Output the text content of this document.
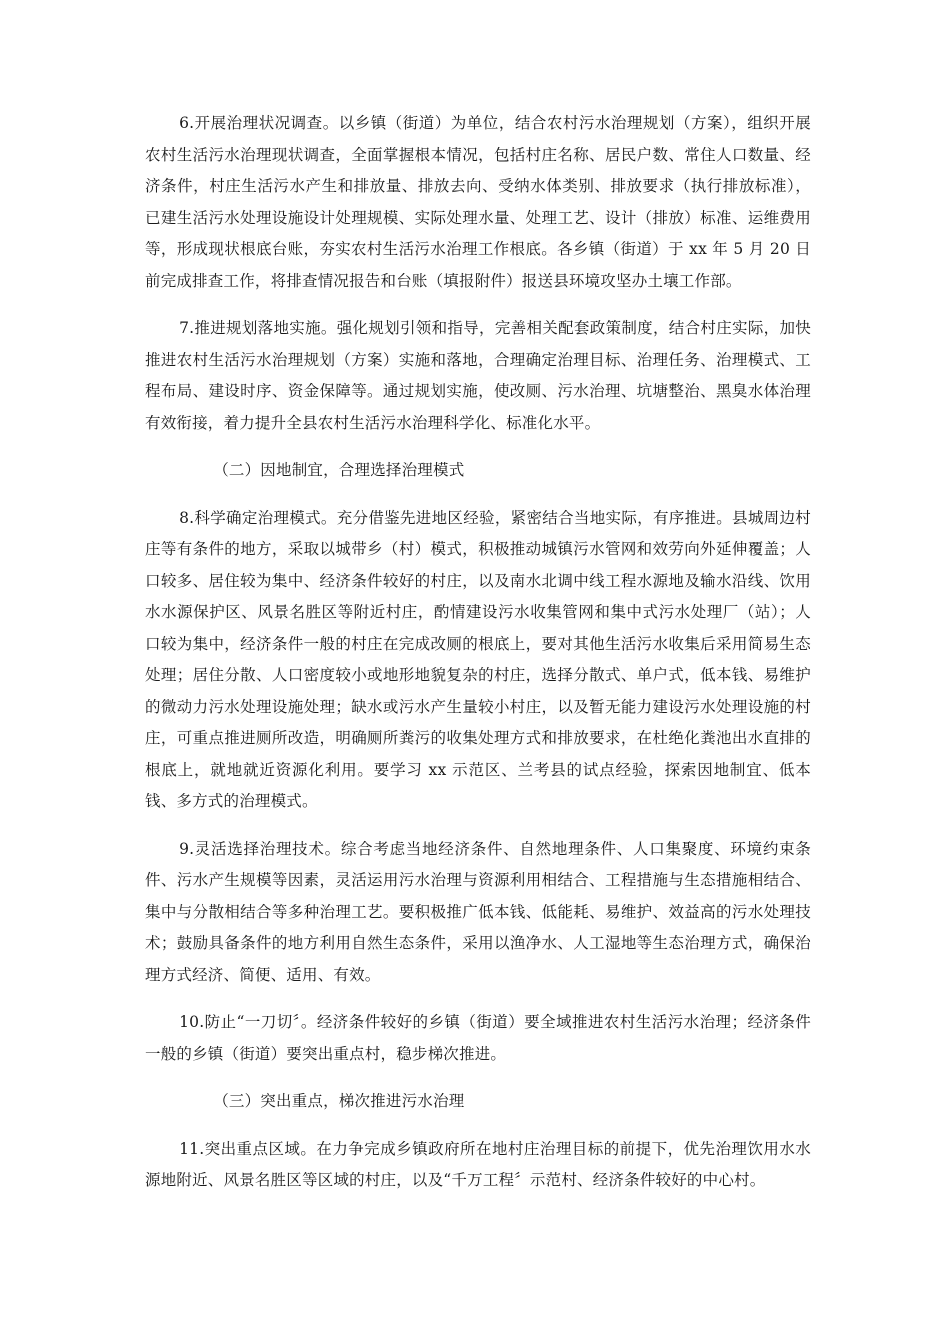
6.开展治理状况调查。以乡镇（街道）为单位，结合农村污水治理规划（方案），组织开展农村生活污水治理现状调查，全面掌握根本情况，包括村庄名称、居民户数、常住人口数量、经济条件，村庄生活污水产生和排放量、排放去向、受纳水体类别、排放要求（执行排放标准），已建生活污水处理设施设计处理规模、实际处理水量、处理工艺、设计（排放）标准、运维费用等，形成现状根底台账，夯实农村生活污水治理工作根底。各乡镇（街道）于 xx 年 5 月 20 日前完成排查工作，将排查情况报告和台账（填报附件）报送县环境攻坚办土壤工作部。

7.推进规划落地实施。强化规划引领和指导，完善相关配套政策制度，结合村庄实际，加快推进农村生活污水治理规划（方案）实施和落地，合理确定治理目标、治理任务、治理模式、工程布局、建设时序、资金保障等。通过规划实施，使改厕、污水治理、坑塘整治、黑臭水体治理有效衔接，着力提升全县农村生活污水治理科学化、标准化水平。

（二）因地制宜，合理选择治理模式

8.科学确定治理模式。充分借鉴先进地区经验，紧密结合当地实际，有序推进。县城周边村庄等有条件的地方，采取以城带乡（村）模式，积极推动城镇污水管网和效劳向外延伸覆盖；人口较多、居住较为集中、经济条件较好的村庄，以及南水北调中线工程水源地及输水沿线、饮用水水源保护区、风景名胜区等附近村庄，酌情建设污水收集管网和集中式污水处理厂（站）；人口较为集中，经济条件一般的村庄在完成改厕的根底上，要对其他生活污水收集后采用简易生态处理；居住分散、人口密度较小或地形地貌复杂的村庄，选择分散式、单户式，低本钱、易维护的微动力污水处理设施处理；缺水或污水产生量较小村庄，以及暂无能力建设污水处理设施的村庄，可重点推进厕所改造，明确厕所粪污的收集处理方式和排放要求，在杜绝化粪池出水直排的根底上，就地就近资源化利用。要学习 xx 示范区、兰考县的试点经验，探索因地制宜、低本钱、多方式的治理模式。

9.灵活选择治理技术。综合考虑当地经济条件、自然地理条件、人口集聚度、环境约束条件、污水产生规模等因素，灵活运用污水治理与资源利用相结合、工程措施与生态措施相结合、集中与分散相结合等多种治理工艺。要积极推广低本钱、低能耗、易维护、效益高的污水处理技术；鼓励具备条件的地方利用自然生态条件，采用以渔净水、人工湿地等生态治理方式，确保治理方式经济、简便、适用、有效。

10.防止“一刀切〞。经济条件较好的乡镇（街道）要全域推进农村生活污水治理；经济条件一般的乡镇（街道）要突出重点村，稳步梯次推进。

（三）突出重点，梯次推进污水治理

11.突出重点区域。在力争完成乡镇政府所在地村庄治理目标的前提下，优先治理饮用水水源地附近、风景名胜区等区域的村庄，以及“千万工程〞示范村、经济条件较好的中心村。
